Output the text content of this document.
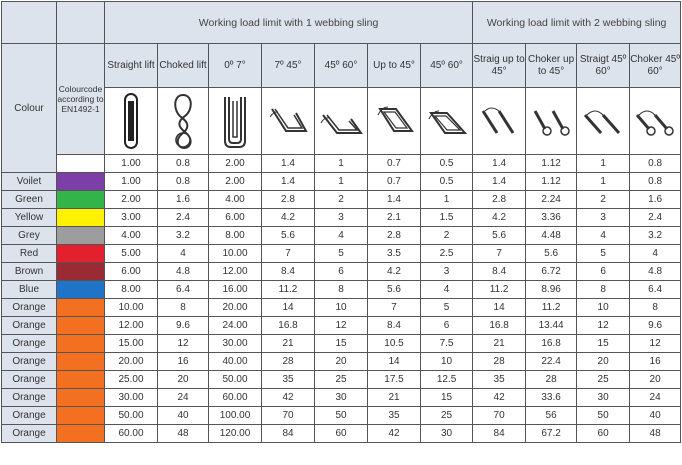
		Working load limit with 1 webbing sling							Working load limit with 2 webbing sling			
Colour	Colourcode according to EN1492-1	Straight lift	Choked lift	0º 7°	7º 45°	45º 60°	Up to 45°	45º 60°	Straig up to 45°	Choker up to 45°	Straigt 45º 60°	Choker 45º 60°

		1.00	0.8	2.00	1.4	1	0.7	0.5	1.4	1.12	1	0.8
Voilet		1.00	0.8	2.00	1.4	1	0.7	0.5	1.4	1.12	1	0.8
Green		2.00	1.6	4.00	2.8	2	1.4	1	2.8	2.24	2	1.6
Yellow		3.00	2.4	6.00	4.2	3	2.1	1.5	4.2	3.36	3	2.4
Grey		4.00	3.2	8.00	5.6	4	2.8	2	5.6	4.48	4	3.2
Red		5.00	4	10.00	7	5	3.5	2.5	7	5.6	5	4
Brown		6.00	4.8	12.00	8.4	6	4.2	3	8.4	6.72	6	4.8
Blue		8.00	6.4	16.00	11.2	8	5.6	4	11.2	8.96	8	6.4
Orange		10.00	8	20.00	14	10	7	5	14	11.2	10	8
Orange		12.00	9.6	24.00	16.8	12	8.4	6	16.8	13.44	12	9.6
Orange		15.00	12	30.00	21	15	10.5	7.5	21	16.8	15	12
Orange		20.00	16	40.00	28	20	14	10	28	22.4	20	16
Orange		25.00	20	50.00	35	25	17.5	12.5	35	28	25	20
Orange		30.00	24	60.00	42	30	21	15	42	33.6	30	24
Orange		50.00	40	100.00	70	50	35	25	70	56	50	40
Orange		60.00	48	120.00	84	60	42	30	84	67.2	60	48
